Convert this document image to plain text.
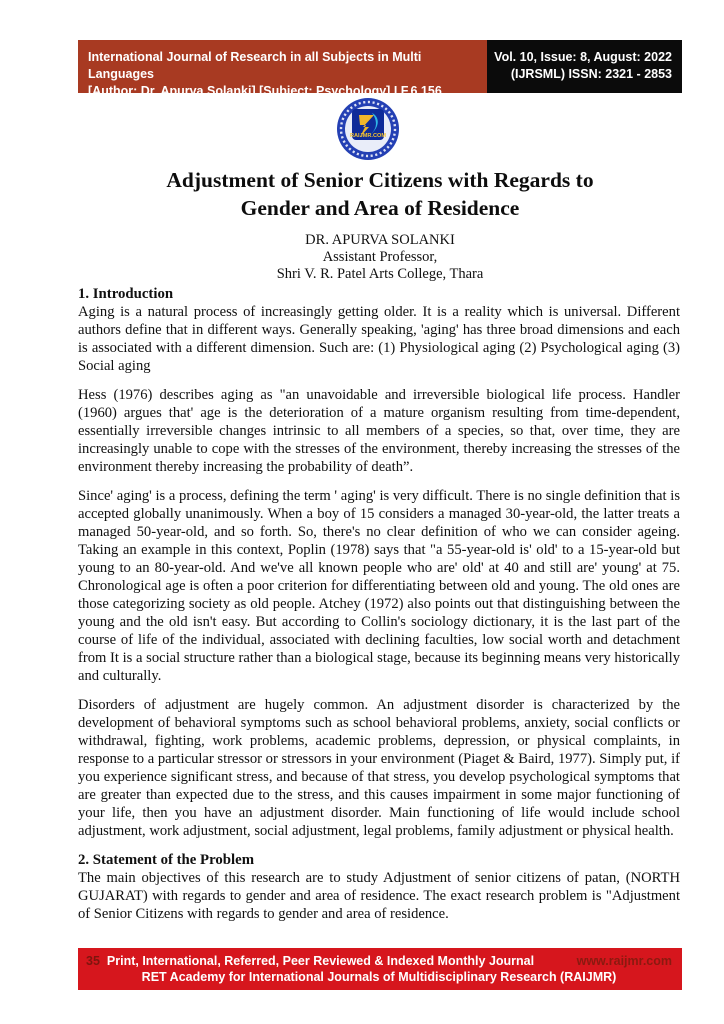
International Journal of Research in all Subjects in Multi Languages
[Author: Dr. Apurva Solanki] [Subject: Psychology] I.F.6.156
Vol. 10, Issue: 8, August: 2022
(IJRSML) ISSN: 2321 - 2853
RAIJMR.COM
Adjustment of Senior Citizens with Regards to
Gender and Area of Residence
DR. APURVA SOLANKI
Assistant Professor,
Shri V. R. Patel Arts College, Thara
1. Introduction

Aging is a natural process of increasingly getting older. It is a reality which is universal. Different authors define that in different ways. Generally speaking, 'aging' has three broad dimensions and each is associated with a different dimension. Such are: (1) Physiological aging (2) Psychological aging (3) Social aging

Hess (1976) describes aging as "an unavoidable and irreversible biological life process. Handler (1960) argues that' age is the deterioration of a mature organism resulting from time-dependent, essentially irreversible changes intrinsic to all members of a species, so that, over time, they are increasingly unable to cope with the stresses of the environment, thereby increasing the stresses of the environment thereby increasing the probability of death”.

Since' aging' is a process, defining the term ' aging' is very difficult. There is no single definition that is accepted globally unanimously. When a boy of 15 considers a managed 30-year-old, the latter treats a managed 50-year-old, and so forth. So, there's no clear definition of who we can consider ageing. Taking an example in this context, Poplin (1978) says that "a 55-year-old is' old' to a 15-year-old but young to an 80-year-old. And we've all known people who are' old' at 40 and still are' young' at 75. Chronological age is often a poor criterion for differentiating between old and young. The old ones are those categorizing society as old people. Atchey (1972) also points out that distinguishing between the young and the old isn't easy. But according to Collin's sociology dictionary, it is the last part of the course of life of the individual, associated with declining faculties, low social worth and detachment from It is a social structure rather than a biological stage, because its beginning means very historically and culturally.

Disorders of adjustment are hugely common. An adjustment disorder is characterized by the development of behavioral symptoms such as school behavioral problems, anxiety, social conflicts or withdrawal, fighting, work problems, academic problems, depression, or physical complaints, in response to a particular stressor or stressors in your environment (Piaget & Baird, 1977). Simply put, if you experience significant stress, and because of that stress, you develop psychological symptoms that are greater than expected due to the stress, and this causes impairment in some major functioning of your life, then you have an adjustment disorder. Main functioning of life would include school adjustment, work adjustment, social adjustment, legal problems, family adjustment or physical health.

2. Statement of the Problem

The main objectives of this research are to study Adjustment of senior citizens of patan, (NORTH GUJARAT) with regards to gender and area of residence. The exact research problem is "Adjustment of Senior Citizens with regards to gender and area of residence.

35 Print, International, Referred, Peer Reviewed & Indexed Monthly Journal	www.raijmr.com
RET Academy for International Journals of Multidisciplinary Research (RAIJMR)
